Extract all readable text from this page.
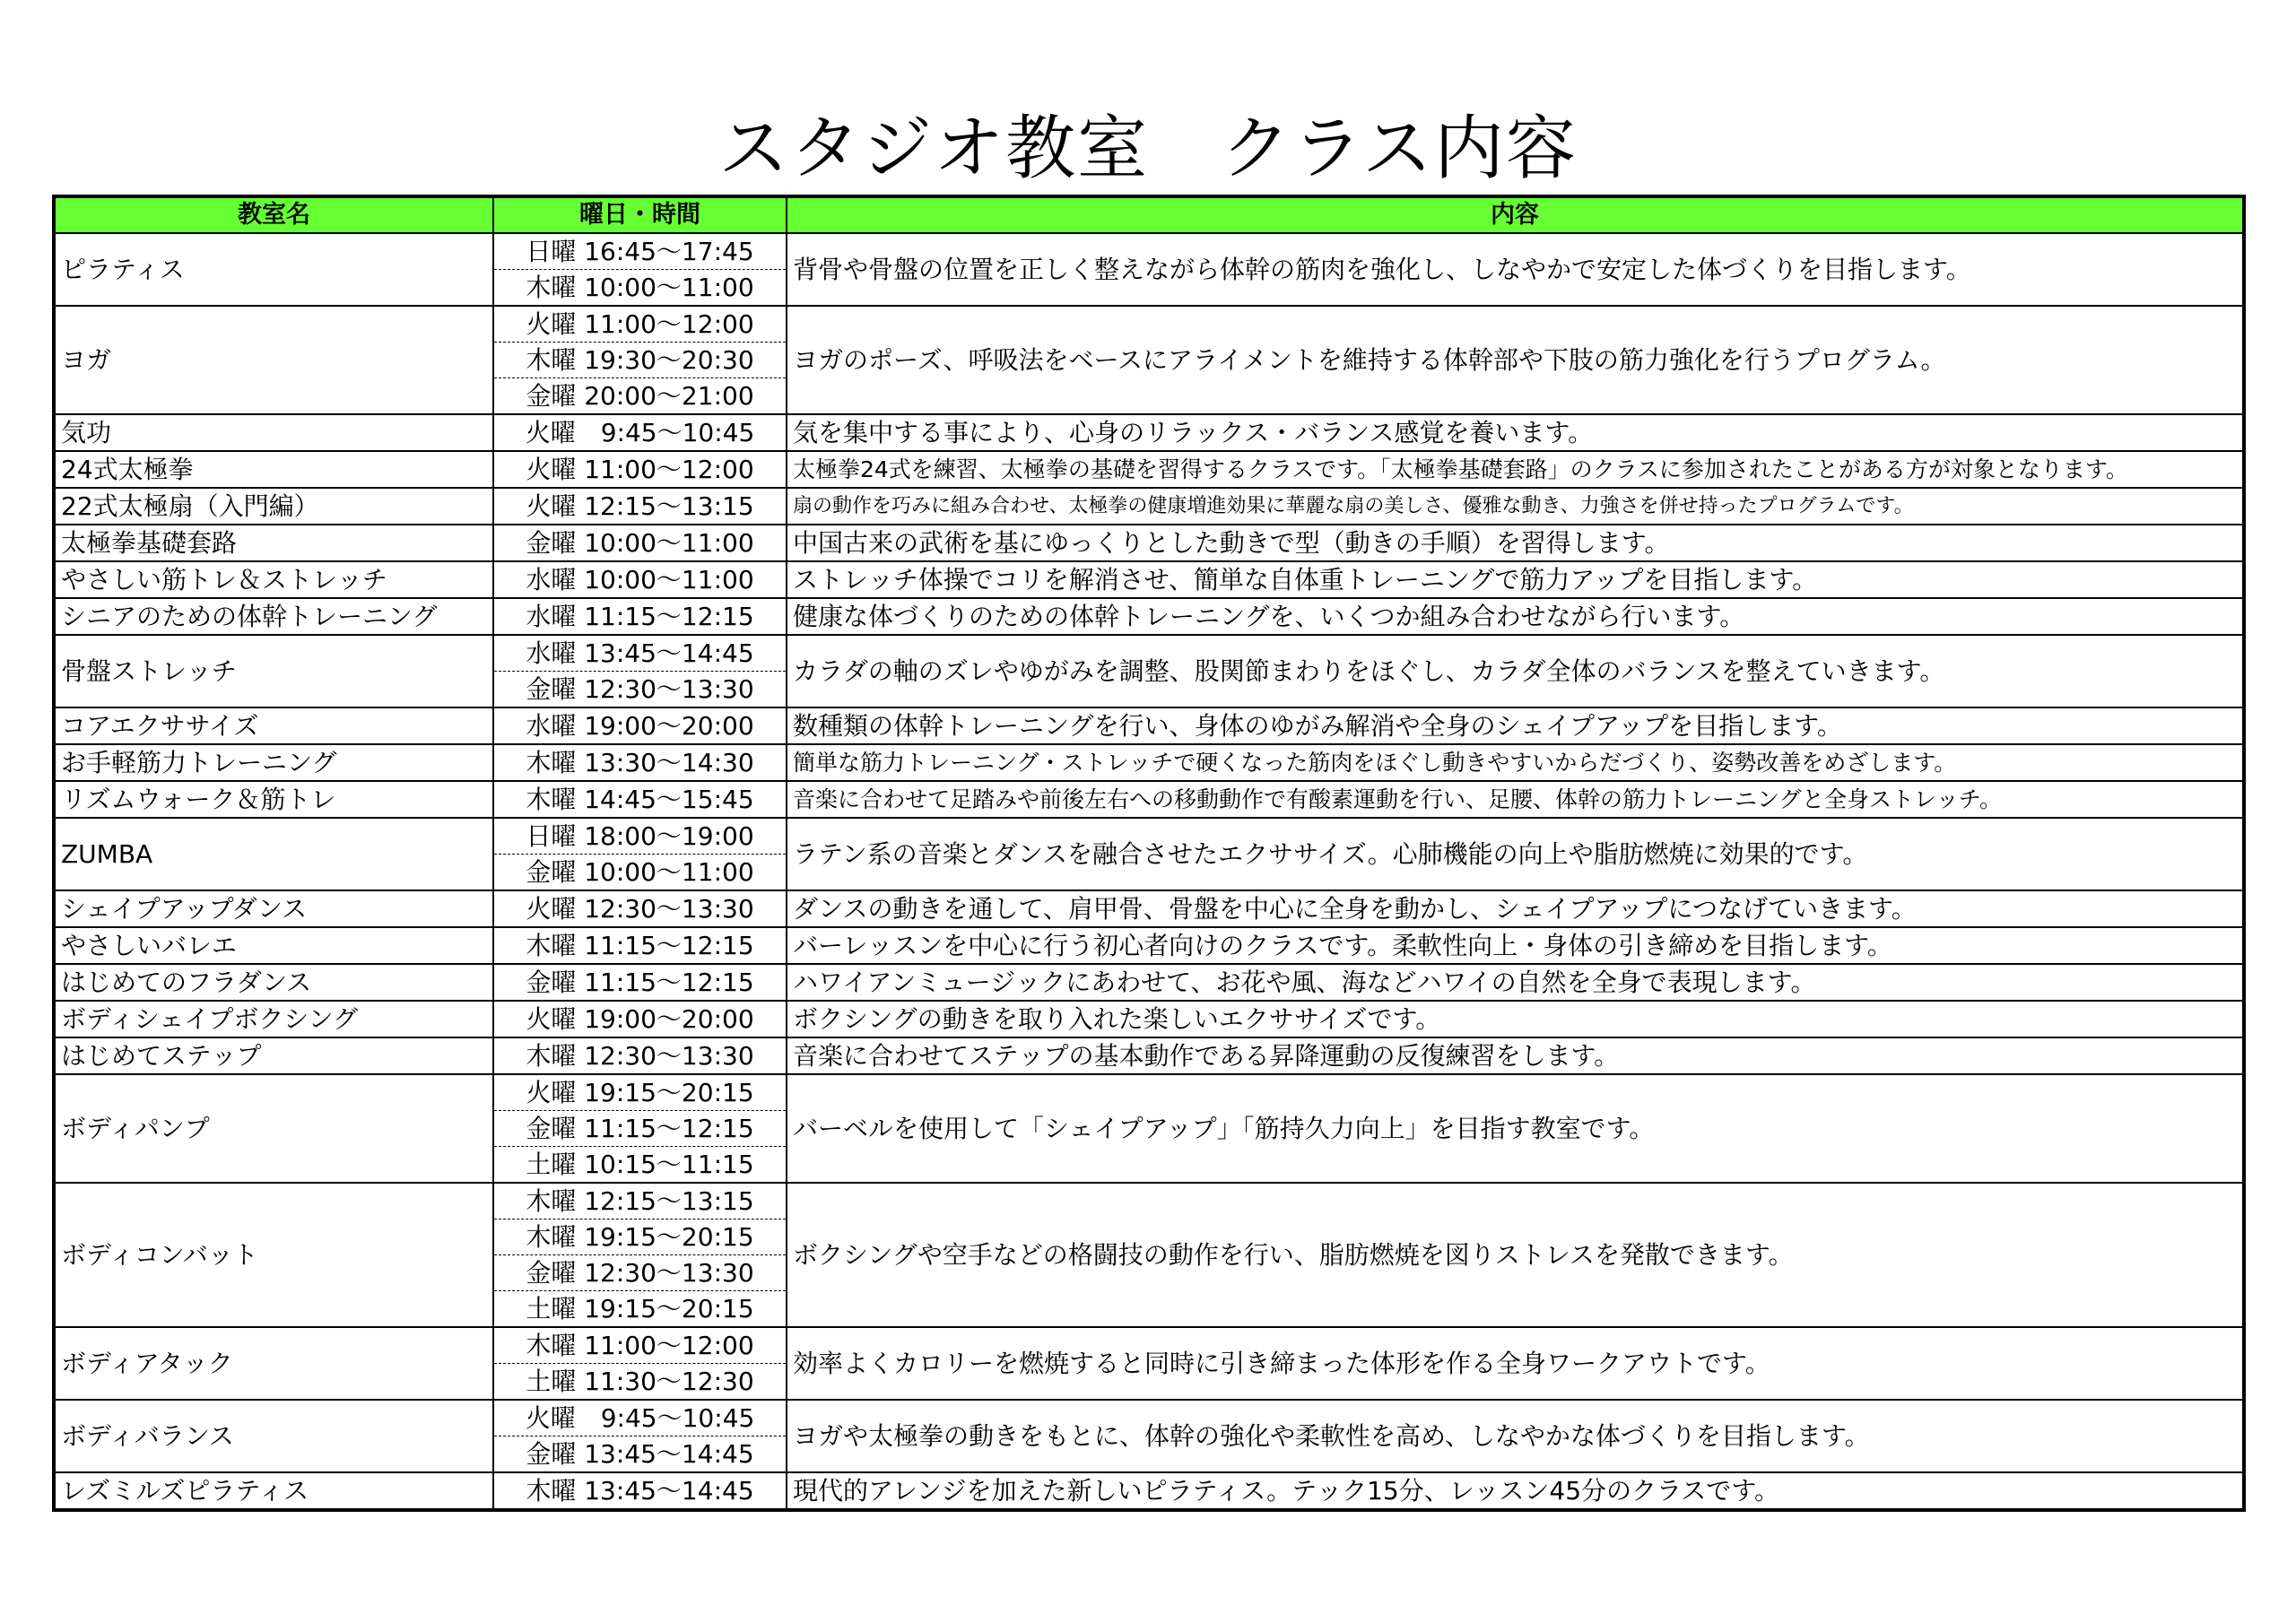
スタジオ教室　クラス内容
教室名	曜日・時間	内容
ピラティス	日曜 16:45～17:45	背骨や骨盤の位置を正しく整えながら体幹の筋肉を強化し、しなやかで安定した体づくりを目指します。
	木曜 10:00～11:00	
ヨガ	火曜 11:00～12:00	ヨガのポーズ、呼吸法をベースにアライメントを維持する体幹部や下肢の筋力強化を行うプログラム。
	木曜 19:30～20:30	
	金曜 20:00～21:00	
気功	火曜　9:45～10:45	気を集中する事により、心身のリラックス・バランス感覚を養います。
24式太極拳	火曜 11:00～12:00	太極拳24式を練習、太極拳の基礎を習得するクラスです。「太極拳基礎套路」のクラスに参加されたことがある方が対象となります。
22式太極扇（入門編）	火曜 12:15～13:15	扇の動作を巧みに組み合わせ、太極拳の健康増進効果に華麗な扇の美しさ、優雅な動き、力強さを併せ持ったプログラムです。
太極拳基礎套路	金曜 10:00～11:00	中国古来の武術を基にゆっくりとした動きで型（動きの手順）を習得します。
やさしい筋トレ＆ストレッチ	水曜 10:00～11:00	ストレッチ体操でコリを解消させ、簡単な自体重トレーニングで筋力アップを目指します。
シニアのための体幹トレーニング	水曜 11:15～12:15	健康な体づくりのための体幹トレーニングを、いくつか組み合わせながら行います。
骨盤ストレッチ	水曜 13:45～14:45	カラダの軸のズレやゆがみを調整、股関節まわりをほぐし、カラダ全体のバランスを整えていきます。
	金曜 12:30～13:30	
コアエクササイズ	水曜 19:00～20:00	数種類の体幹トレーニングを行い、身体のゆがみ解消や全身のシェイプアップを目指します。
お手軽筋力トレーニング	木曜 13:30～14:30	簡単な筋力トレーニング・ストレッチで硬くなった筋肉をほぐし動きやすいからだづくり、姿勢改善をめざします。
リズムウォーク＆筋トレ	木曜 14:45～15:45	音楽に合わせて足踏みや前後左右への移動動作で有酸素運動を行い、足腰、体幹の筋力トレーニングと全身ストレッチ。
ZUMBA	日曜 18:00～19:00	ラテン系の音楽とダンスを融合させたエクササイズ。心肺機能の向上や脂肪燃焼に効果的です。
	金曜 10:00～11:00	
シェイプアップダンス	火曜 12:30～13:30	ダンスの動きを通して、肩甲骨、骨盤を中心に全身を動かし、シェイプアップにつなげていきます。
やさしいバレエ	木曜 11:15～12:15	バーレッスンを中心に行う初心者向けのクラスです。柔軟性向上・身体の引き締めを目指します。
はじめてのフラダンス	金曜 11:15～12:15	ハワイアンミュージックにあわせて、お花や風、海などハワイの自然を全身で表現します。
ボディシェイプボクシング	火曜 19:00～20:00	ボクシングの動きを取り入れた楽しいエクササイズです。
はじめてステップ	木曜 12:30～13:30	音楽に合わせてステップの基本動作である昇降運動の反復練習をします。
ボディパンプ	火曜 19:15～20:15	バーベルを使用して「シェイプアップ」「筋持久力向上」を目指す教室です。
	金曜 11:15～12:15	
	土曜 10:15～11:15	
ボディコンバット	木曜 12:15～13:15	ボクシングや空手などの格闘技の動作を行い、脂肪燃焼を図りストレスを発散できます。
	木曜 19:15～20:15	
	金曜 12:30～13:30	
	土曜 19:15～20:15	
ボディアタック	木曜 11:00～12:00	効率よくカロリーを燃焼すると同時に引き締まった体形を作る全身ワークアウトです。
	土曜 11:30～12:30	
ボディバランス	火曜　9:45～10:45	ヨガや太極拳の動きをもとに、体幹の強化や柔軟性を高め、しなやかな体づくりを目指します。
	金曜 13:45～14:45	
レズミルズピラティス	木曜 13:45～14:45	現代的アレンジを加えた新しいピラティス。テック15分、レッスン45分のクラスです。
